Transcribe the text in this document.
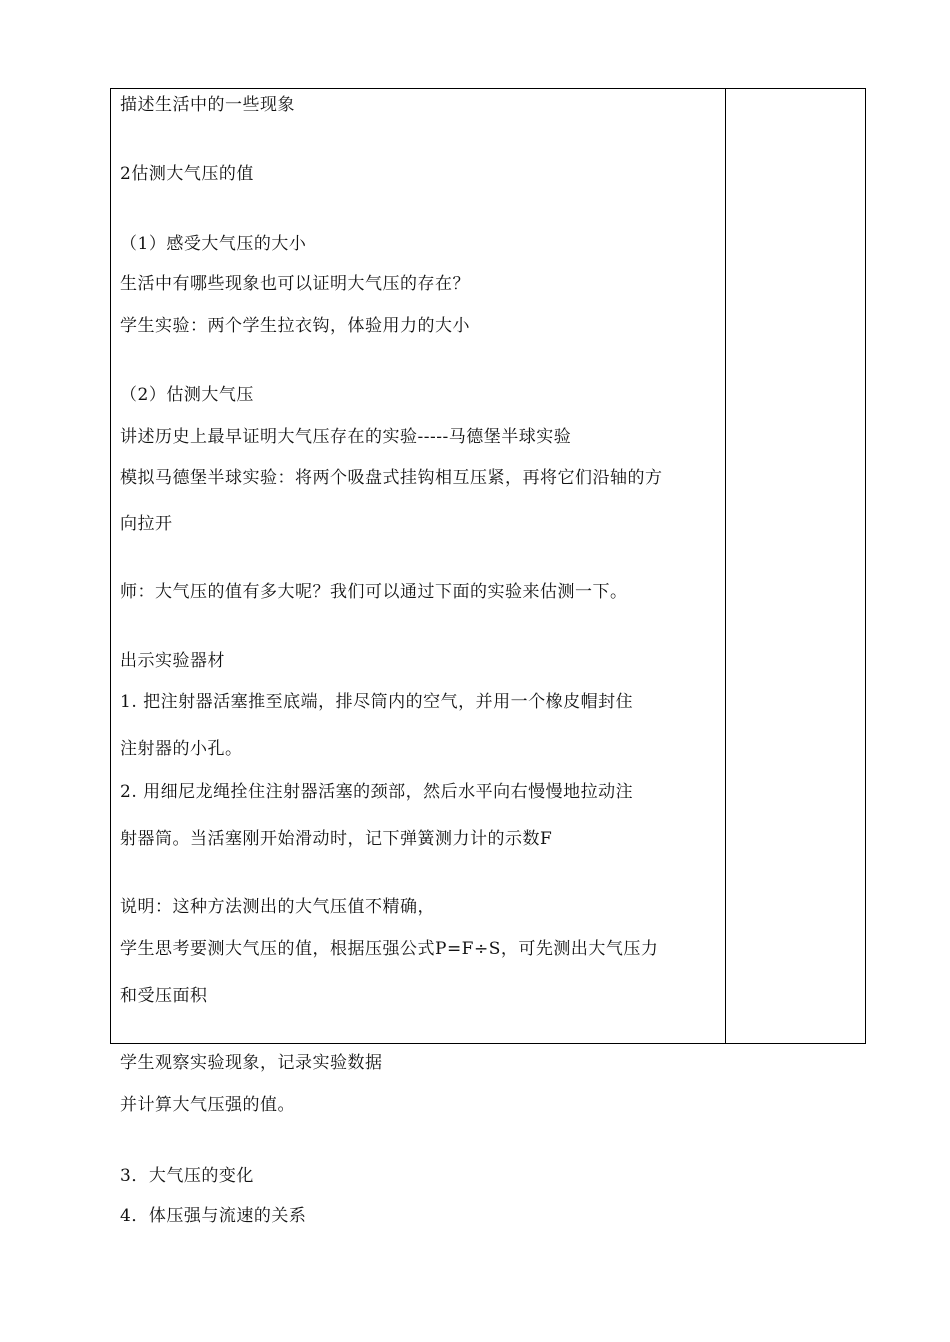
描述生活中的一些现象
2估测大气压的值
（1）感受大气压的大小
生活中有哪些现象也可以证明大气压的存在？
学生实验：两个学生拉衣钩，体验用力的大小
（2）估测大气压
讲述历史上最早证明大气压存在的实验-----马德堡半球实验
模拟马德堡半球实验：将两个吸盘式挂钩相互压紧，再将它们沿轴的方
向拉开
师：大气压的值有多大呢？我们可以通过下面的实验来估测一下。
出示实验器材
1. 把注射器活塞推至底端，排尽筒内的空气，并用一个橡皮帽封住
注射器的小孔。
2. 用细尼龙绳拴住注射器活塞的颈部，然后水平向右慢慢地拉动注
射器筒。当活塞刚开始滑动时，记下弹簧测力计的示数F
说明：这种方法测出的大气压值不精确，
学生思考要测大气压的值，根据压强公式P=F÷S，可先测出大气压力
和受压面积
学生观察实验现象，记录实验数据
并计算大气压强的值。
3．大气压的变化
4．体压强与流速的关系
